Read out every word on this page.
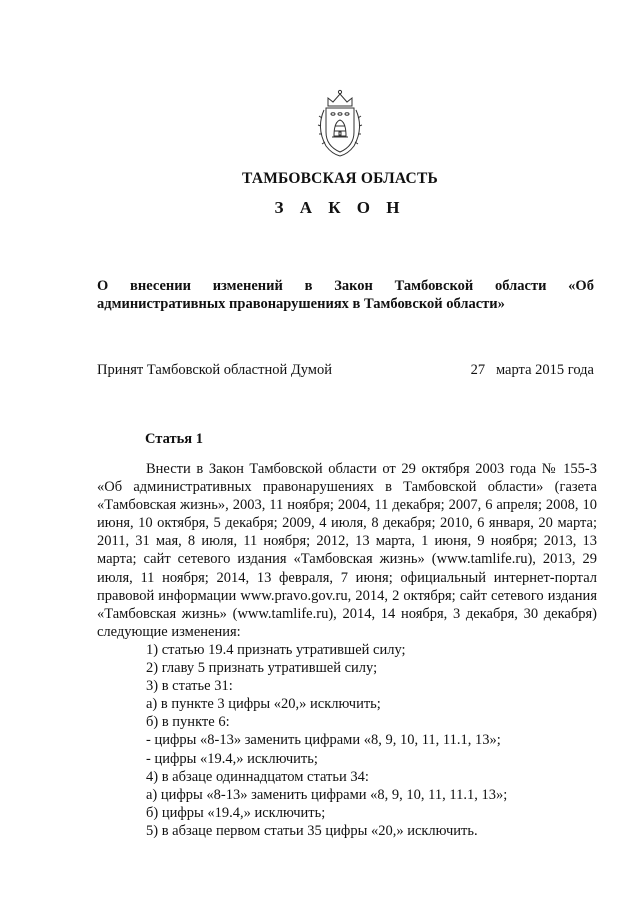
ТАМБОВСКАЯ ОБЛАСТЬ
З А К О Н
О внесении изменений в Закон Тамбовской области «Об
административных правонарушениях в Тамбовской области»
Принят Тамбовской областной Думой	27   марта 2015 года
Статья 1

Внести в Закон Тамбовской области от 29 октября 2003 года № 155-З «Об административных правонарушениях в Тамбовской области» (газета «Тамбовская жизнь», 2003, 11 ноября; 2004, 11 декабря; 2007, 6 апреля; 2008, 10 июня, 10 октября, 5 декабря; 2009, 4 июля, 8 декабря; 2010, 6 января, 20 марта; 2011, 31 мая, 8 июля, 11 ноября; 2012, 13 марта, 1 июня, 9 ноября; 2013, 13 марта; сайт сетевого издания «Тамбовская жизнь» (www.tamlife.ru), 2013, 29 июля, 11 ноября; 2014, 13 февраля, 7 июня; официальный интернет-портал правовой информации www.pravo.gov.ru, 2014, 2 октября; сайт сетевого издания «Тамбовская жизнь» (www.tamlife.ru), 2014, 14 ноября, 3 декабря, 30 декабря) следующие изменения:

1) статью 19.4 признать утратившей силу;
2) главу 5 признать утратившей силу;
3) в статье 31:
а) в пункте 3 цифры «20,» исключить;
б) в пункте 6:
- цифры «8-13» заменить цифрами «8, 9, 10, 11, 11.1, 13»;
- цифры «19.4,» исключить;
4) в абзаце одиннадцатом статьи 34:
а) цифры «8-13» заменить цифрами «8, 9, 10, 11, 11.1, 13»;
б) цифры «19.4,» исключить;
5) в абзаце первом статьи 35 цифры «20,» исключить.
